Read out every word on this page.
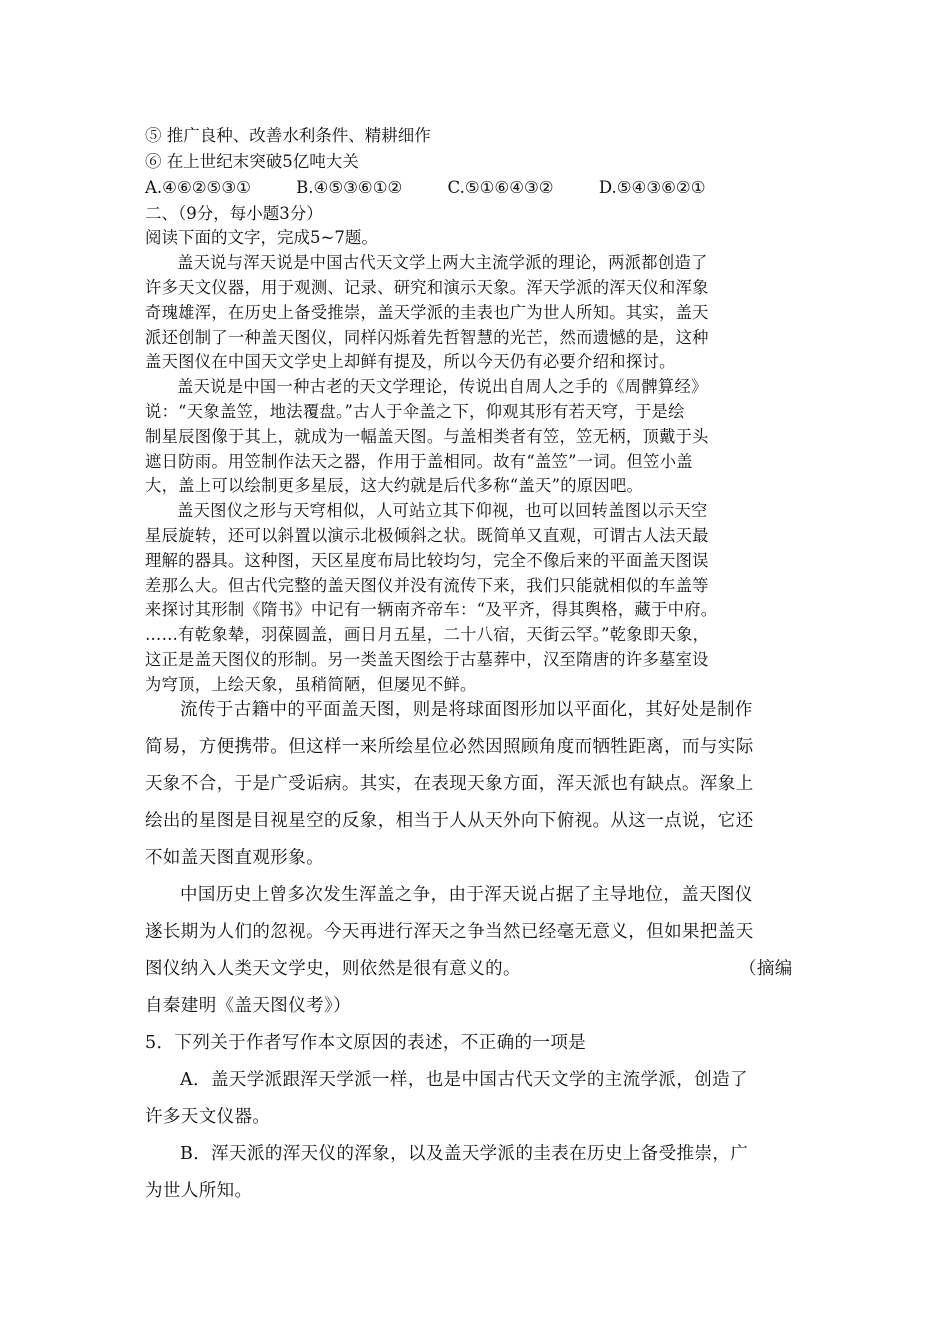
⑤ 推广良种、改善水利条件、精耕细作
⑥ 在上世纪末突破5亿吨大关
A.④⑥②⑤③①	B.④⑤③⑥①②	C.⑤①⑥④③②	D.⑤④③⑥②①
二、（9分，每小题3分）
阅读下面的文字，完成5~7题。
盖天说与浑天说是中国古代天文学上两大主流学派的理论，两派都创造了
许多天文仪器，用于观测、记录、研究和演示天象。浑天学派的浑天仪和浑象
奇瑰雄浑，在历史上备受推崇，盖天学派的圭表也广为世人所知。其实，盖天
派还创制了一种盖天图仪，同样闪烁着先哲智慧的光芒，然而遗憾的是，这种
盖天图仪在中国天文学史上却鲜有提及，所以今天仍有必要介绍和探讨。
盖天说是中国一种古老的天文学理论，传说出自周人之手的《周髀算经》
说：“天象盖笠，地法覆盘。”古人于伞盖之下，仰观其形有若天穹，于是绘
制星辰图像于其上，就成为一幅盖天图。与盖相类者有笠，笠无柄，顶戴于头
遮日防雨。用笠制作法天之器，作用于盖相同。故有“盖笠”一词。但笠小盖
大，盖上可以绘制更多星辰，这大约就是后代多称“盖天”的原因吧。
盖天图仪之形与天穹相似，人可站立其下仰视，也可以回转盖图以示天空
星辰旋转，还可以斜置以演示北极倾斜之状。既简单又直观，可谓古人法天最
理解的器具。这种图，天区星度布局比较均匀，完全不像后来的平面盖天图误
差那么大。但古代完整的盖天图仪并没有流传下来，我们只能就相似的车盖等
来探讨其形制《隋书》中记有一辆南齐帝车：“及平齐，得其舆格，藏于中府。
……有乾象辇，羽葆圆盖，画日月五星，二十八宿，天街云罕。”乾象即天象，
这正是盖天图仪的形制。另一类盖天图绘于古墓葬中，汉至隋唐的许多墓室设
为穹顶，上绘天象，虽稍简陋，但屡见不鲜。
流传于古籍中的平面盖天图，则是将球面图形加以平面化，其好处是制作
简易，方便携带。但这样一来所绘星位必然因照顾角度而牺牲距离，而与实际
天象不合，于是广受诟病。其实，在表现天象方面，浑天派也有缺点。浑象上
绘出的星图是目视星空的反象，相当于人从天外向下俯视。从这一点说，它还
不如盖天图直观形象。
中国历史上曾多次发生浑盖之争，由于浑天说占据了主导地位，盖天图仪
遂长期为人们的忽视。今天再进行浑天之争当然已经毫无意义，但如果把盖天
图仪纳入人类天文学史，则依然是很有意义的。	（摘编
自秦建明《盖天图仪考》）
5．下列关于作者写作本文原因的表述，不正确的一项是
A．盖天学派跟浑天学派一样，也是中国古代天文学的主流学派，创造了
许多天文仪器。
B．浑天派的浑天仪的浑象，以及盖天学派的圭表在历史上备受推崇，广
为世人所知。
